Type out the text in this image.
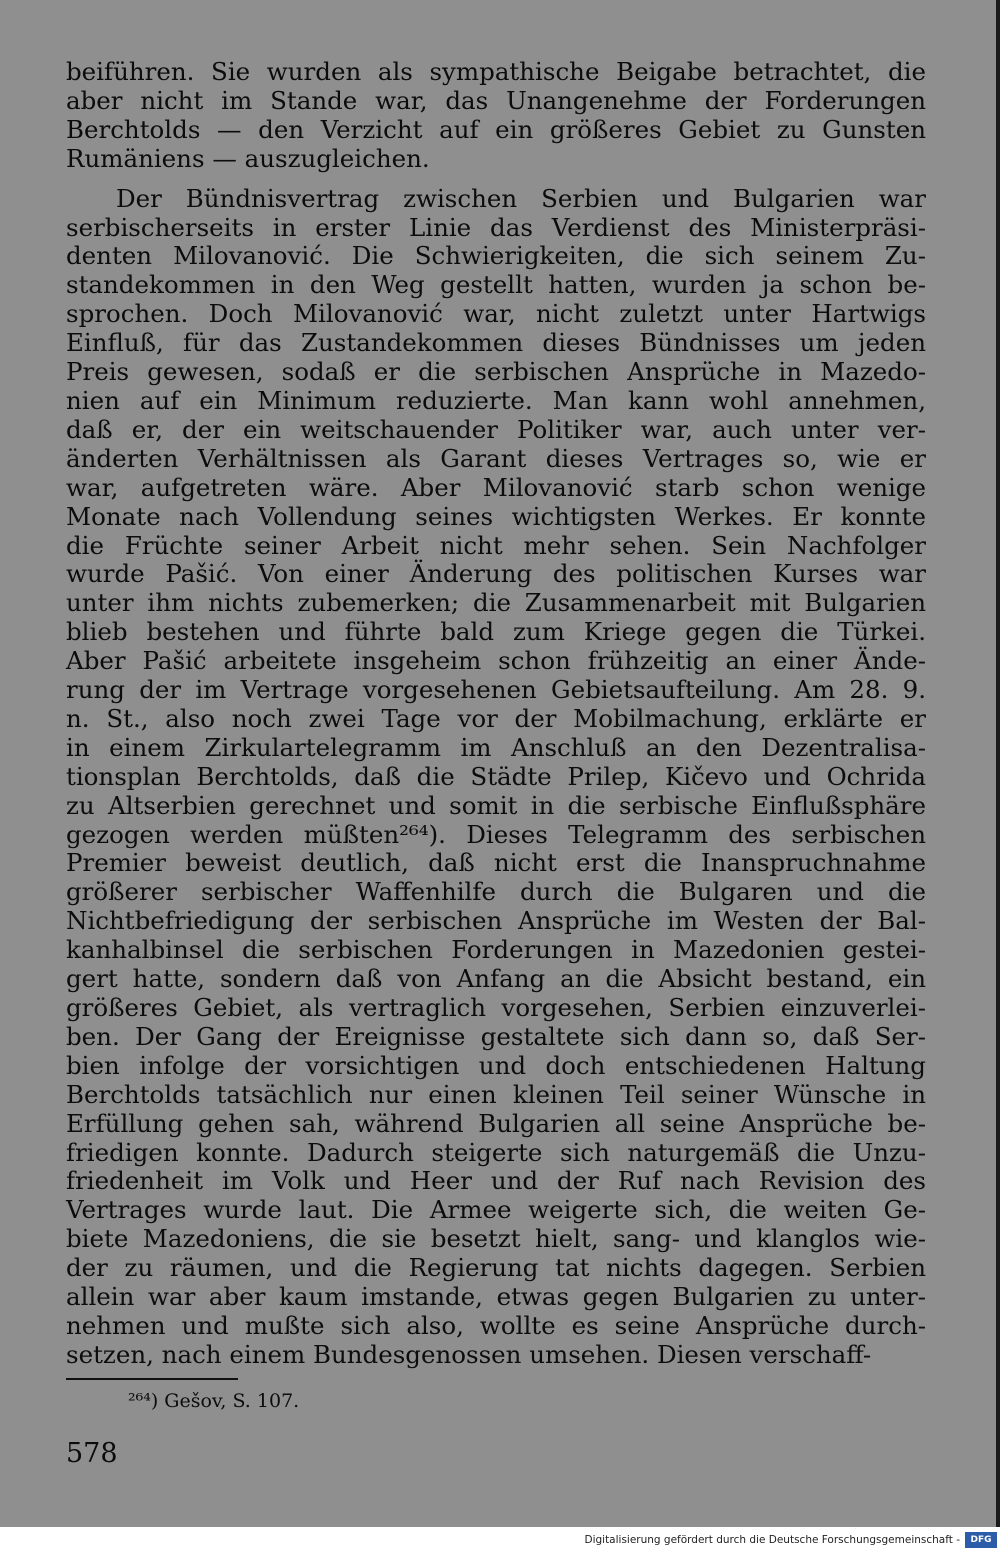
beiführen. Sie wurden als sympathische Beigabe betrachtet, die
aber nicht im Stande war, das Unangenehme der Forderungen
Berchtolds — den Verzicht auf ein größeres Gebiet zu Gunsten
Rumäniens — auszugleichen.
Der Bündnisvertrag zwischen Serbien und Bulgarien war
serbischerseits in erster Linie das Verdienst des Ministerpräsi-
denten Milovanović. Die Schwierigkeiten, die sich seinem Zu-
standekommen in den Weg gestellt hatten, wurden ja schon be-
sprochen. Doch Milovanović war, nicht zuletzt unter Hartwigs
Einfluß, für das Zustandekommen dieses Bündnisses um jeden
Preis gewesen, sodaß er die serbischen Ansprüche in Mazedo-
nien auf ein Minimum reduzierte. Man kann wohl annehmen,
daß er, der ein weitschauender Politiker war, auch unter ver-
änderten Verhältnissen als Garant dieses Vertrages so, wie er
war, aufgetreten wäre. Aber Milovanović starb schon wenige
Monate nach Vollendung seines wichtigsten Werkes. Er konnte
die Früchte seiner Arbeit nicht mehr sehen. Sein Nachfolger
wurde Pašić. Von einer Änderung des politischen Kurses war
unter ihm nichts zubemerken; die Zusammenarbeit mit Bulgarien
blieb bestehen und führte bald zum Kriege gegen die Türkei.
Aber Pašić arbeitete insgeheim schon frühzeitig an einer Ände-
rung der im Vertrage vorgesehenen Gebietsaufteilung. Am 28. 9.
n. St., also noch zwei Tage vor der Mobilmachung, erklärte er
in einem Zirkulartelegramm im Anschluß an den Dezentralisa-
tionsplan Berchtolds, daß die Städte Prilep, Kičevo und Ochrida
zu Altserbien gerechnet und somit in die serbische Einflußsphäre
gezogen werden müßten²⁶⁴). Dieses Telegramm des serbischen
Premier beweist deutlich, daß nicht erst die Inanspruchnahme
größerer serbischer Waffenhilfe durch die Bulgaren und die
Nichtbefriedigung der serbischen Ansprüche im Westen der Bal-
kanhalbinsel die serbischen Forderungen in Mazedonien gestei-
gert hatte, sondern daß von Anfang an die Absicht bestand, ein
größeres Gebiet, als vertraglich vorgesehen, Serbien einzuverlei-
ben. Der Gang der Ereignisse gestaltete sich dann so, daß Ser-
bien infolge der vorsichtigen und doch entschiedenen Haltung
Berchtolds tatsächlich nur einen kleinen Teil seiner Wünsche in
Erfüllung gehen sah, während Bulgarien all seine Ansprüche be-
friedigen konnte. Dadurch steigerte sich naturgemäß die Unzu-
friedenheit im Volk und Heer und der Ruf nach Revision des
Vertrages wurde laut. Die Armee weigerte sich, die weiten Ge-
biete Mazedoniens, die sie besetzt hielt, sang- und klanglos wie-
der zu räumen, und die Regierung tat nichts dagegen. Serbien
allein war aber kaum imstande, etwas gegen Bulgarien zu unter-
nehmen und mußte sich also, wollte es seine Ansprüche durch-
setzen, nach einem Bundesgenossen umsehen. Diesen verschaff-
²⁶⁴) Gešov, S. 107.
578
Digitalisierung gefördert durch die Deutsche Forschungsgemeinschaft -	DFG
